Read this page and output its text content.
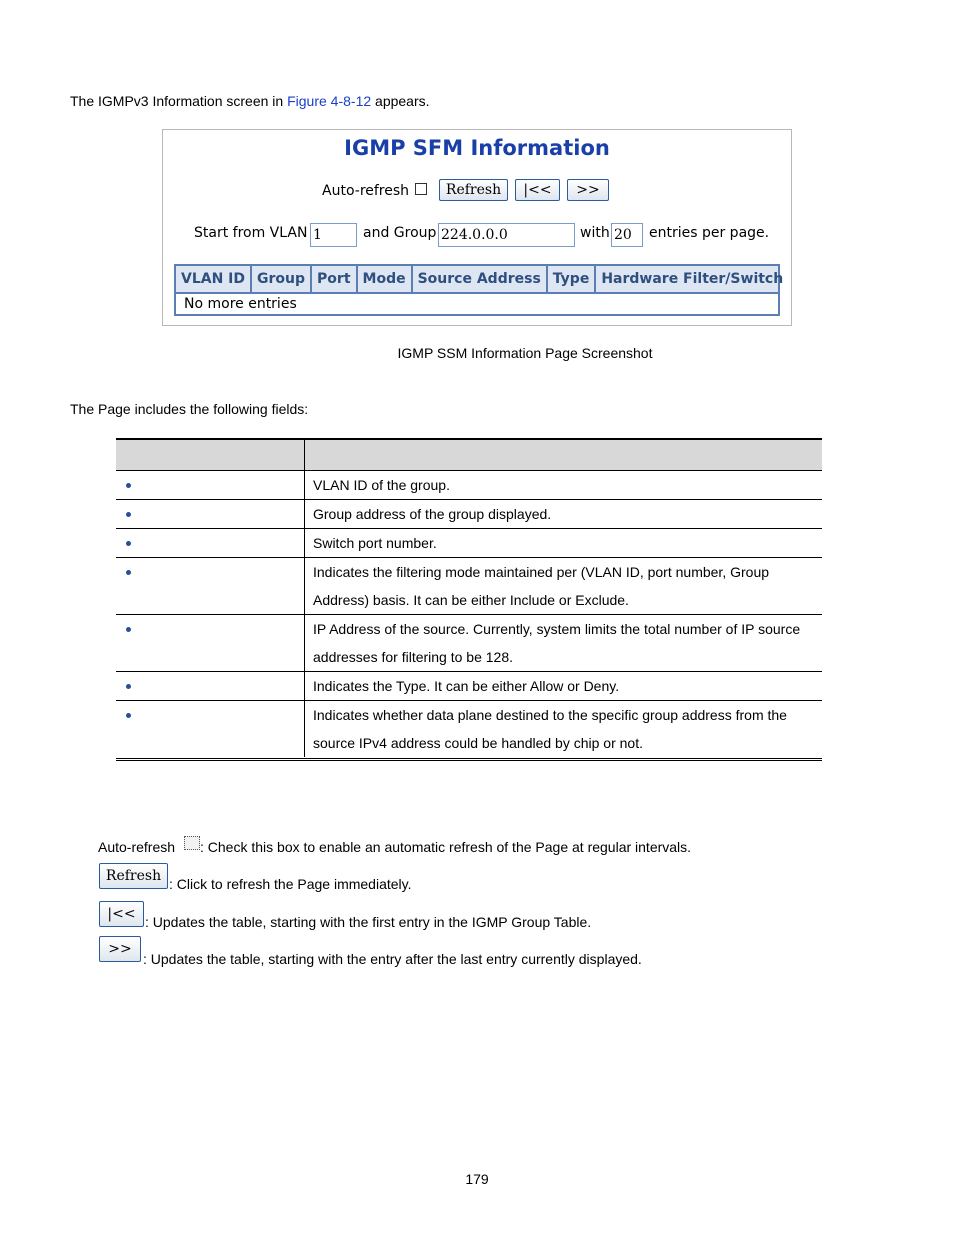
The IGMPv3 Information screen in Figure 4-8-12 appears.
IGMP SFM Information
Auto-refresh	Refresh	|<<	>>
Start from VLAN 1	and Group 224.0.0.0	with 20	entries per page.
VLAN ID Group Port Mode Source Address Type Hardware Filter/Switch
No more entries
IGMP SSM Information Page Screenshot
The Page includes the following fields:

	VLAN ID of the group.
	Group address of the group displayed.
	Switch port number.
	Indicates the filtering mode maintained per (VLAN ID, port number, Group Address) basis. It can be either Include or Exclude.
	IP Address of the source. Currently, system limits the total number of IP source addresses for filtering to be 128.
	Indicates the Type. It can be either Allow or Deny.
	Indicates whether data plane destined to the specific group address from the source IPv4 address could be handled by chip or not.
Auto-refresh : Check this box to enable an automatic refresh of the Page at regular intervals.
Refresh : Click to refresh the Page immediately.
|<< : Updates the table, starting with the first entry in the IGMP Group Table.
>>
: Updates the table, starting with the entry after the last entry currently displayed.
179
